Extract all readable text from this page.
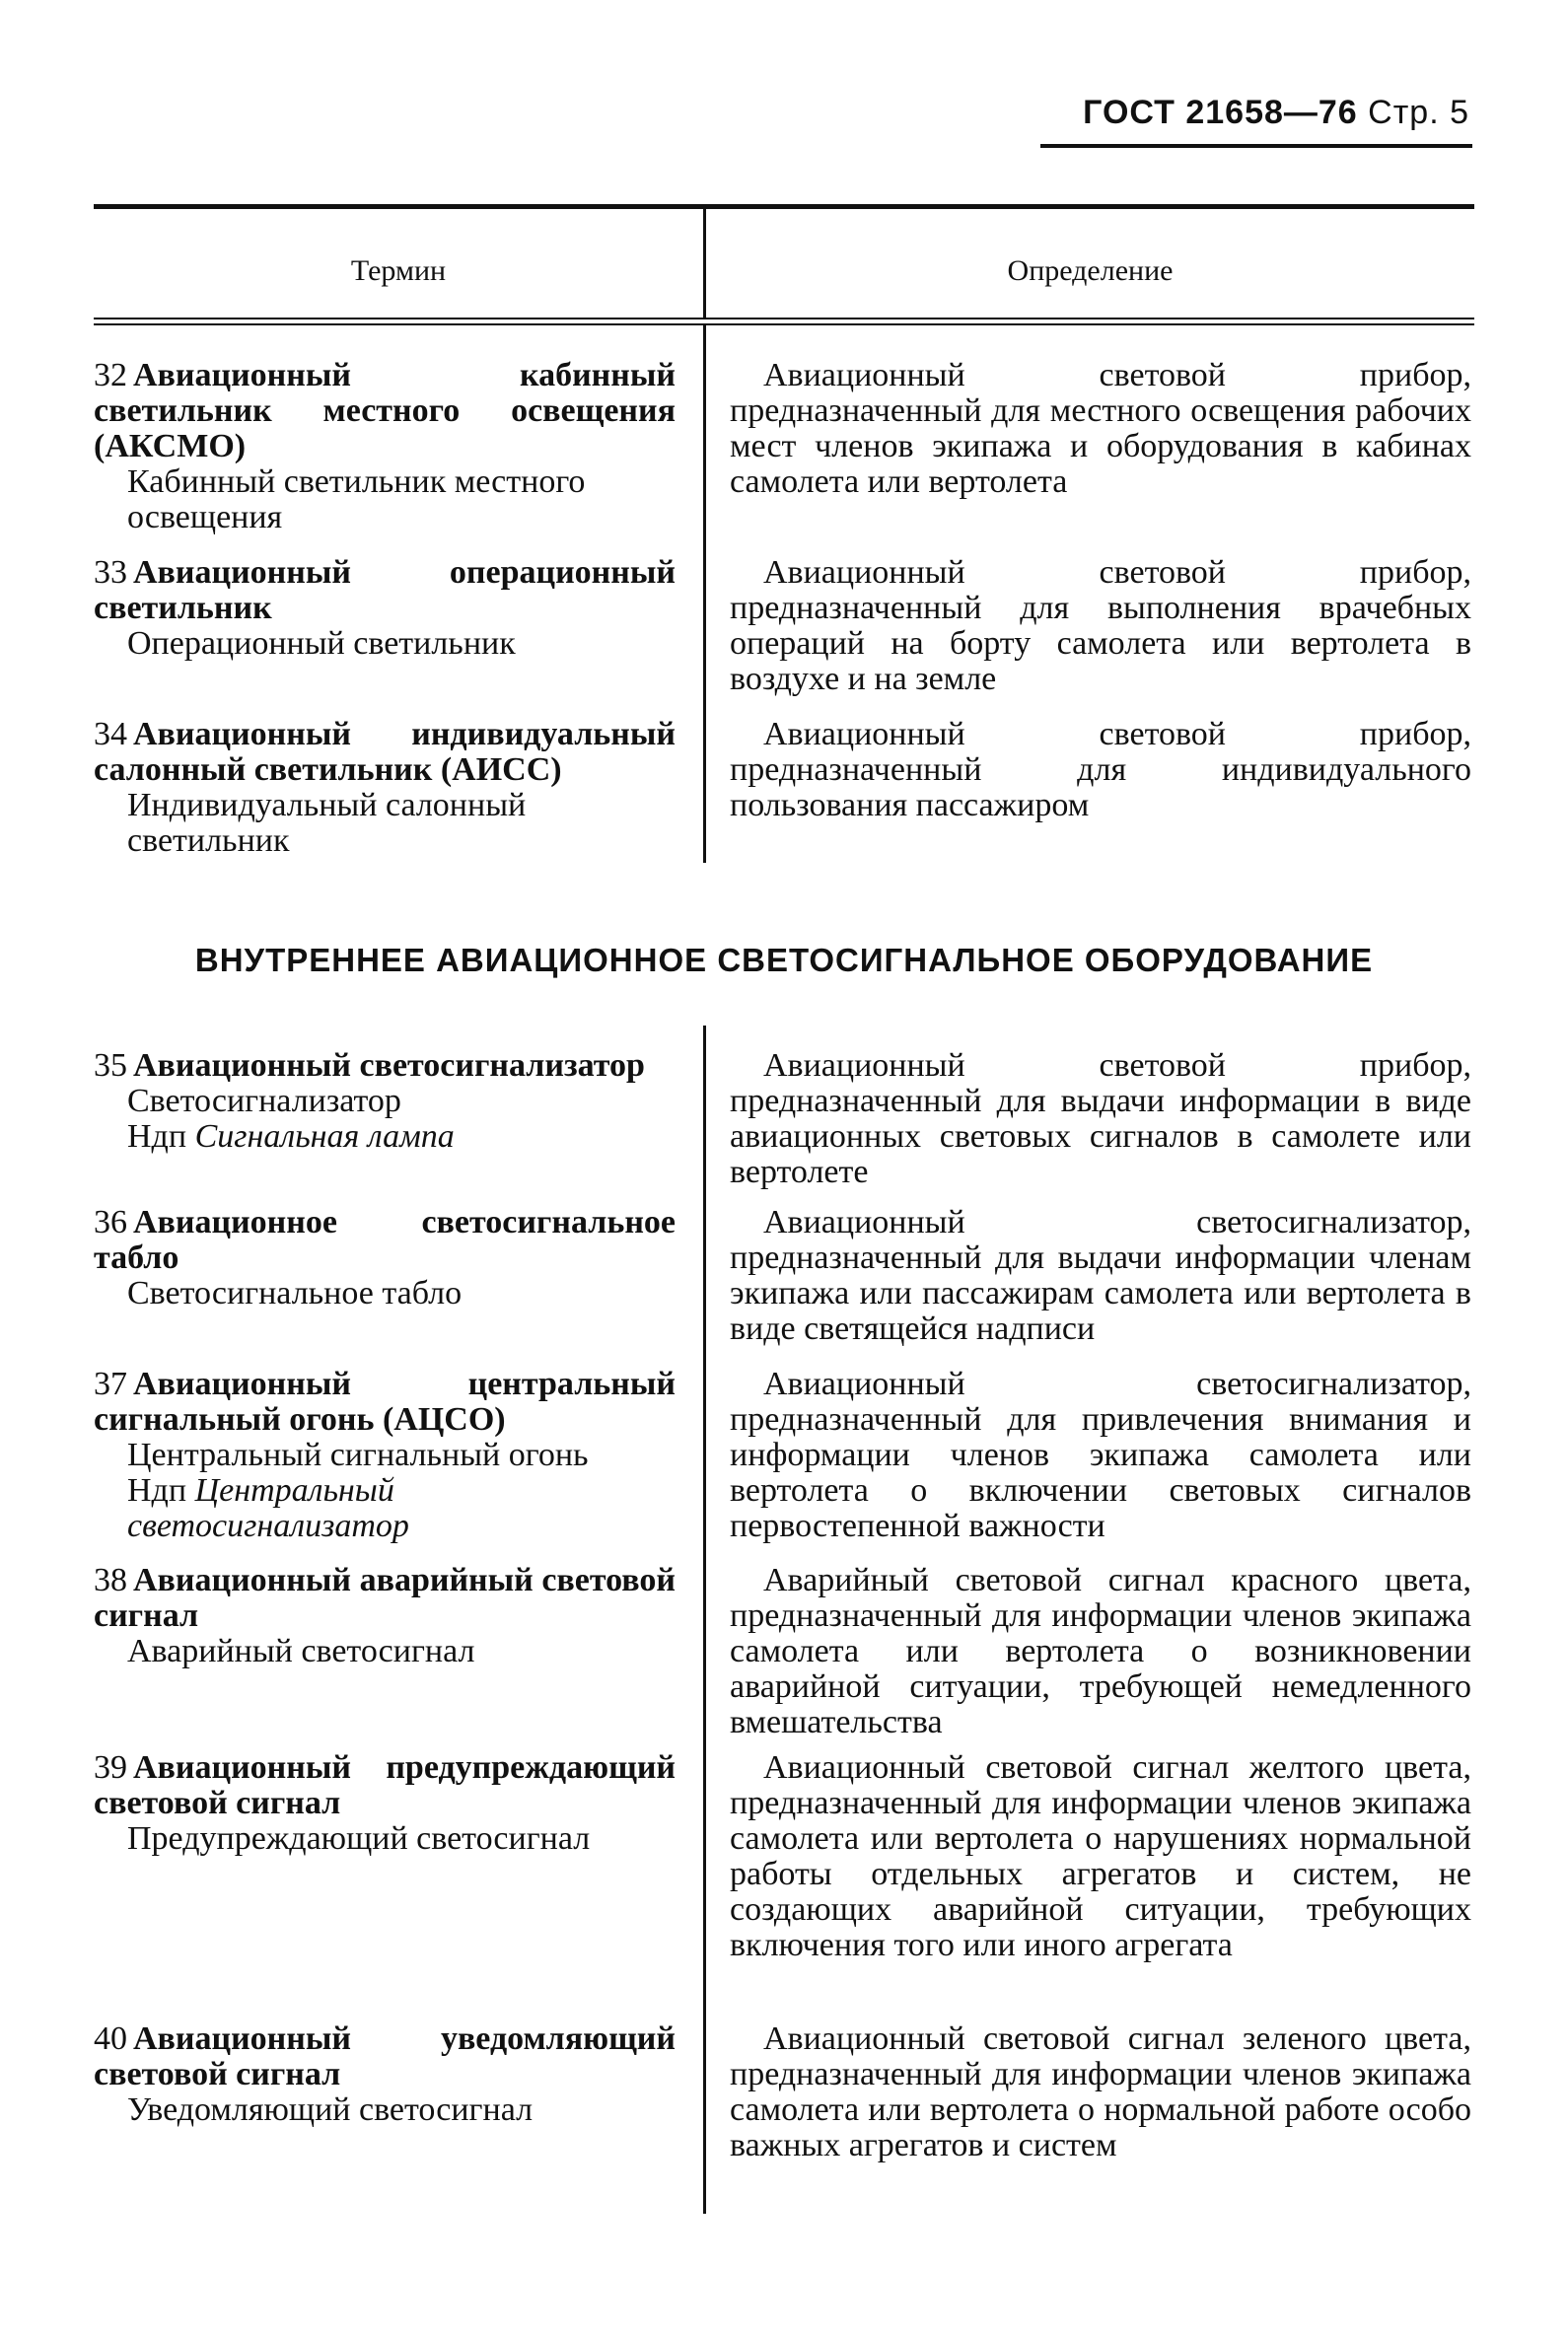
ГОСТ 21658—76 Стр. 5
Термин	Определение
ВНУТРЕННЕЕ АВИАЦИОННОЕ СВЕТОСИГНАЛЬНОЕ ОБОРУДОВАНИЕ
32 Авиационный кабинный светильник местного освещения (АКСМО)
Кабинный светильник местного освещения
Авиационный световой прибор, предназначенный для местного освещения рабочих мест членов экипажа и оборудования в кабинах самолета или вертолета
33 Авиационный операционный светильник
Операционный светильник
Авиационный световой прибор, предназначенный для выполнения врачебных операций на борту самолета или вертолета в воздухе и на земле
34 Авиационный индивидуальный салонный светильник (АИСС)
Индивидуальный салонный светильник
Авиационный световой прибор, предназначенный для индивидуального пользования пассажиром
35 Авиационный светосигнализатор
Светосигнализатор
Ндп Сигнальная лампа
Авиационный световой прибор, предназначенный для выдачи информации в виде авиационных световых сигналов в самолете или вертолете
36 Авиационное светосигнальное табло
Светосигнальное табло
Авиационный светосигнализатор, предназначенный для выдачи информации членам экипажа или пассажирам самолета или вертолета в виде светящейся надписи
37 Авиационный центральный сигнальный огонь (АЦСО)
Центральный сигнальный огонь
Ндп Центральный светосигнализатор
Авиационный светосигнализатор, предназначенный для привлечения внимания и информации членов экипажа самолета или вертолета о включении световых сигналов первостепенной важности
38 Авиационный аварийный световой сигнал
Аварийный светосигнал
Аварийный световой сигнал красного цвета, предназначенный для информации членов экипажа самолета или вертолета о возникновении аварийной ситуации, требующей немедленного вмешательства
39 Авиационный предупреждающий световой сигнал
Предупреждающий светосигнал
Авиационный световой сигнал желтого цвета, предназначенный для информации членов экипажа самолета или вертолета о нарушениях нормальной работы отдельных агрегатов и систем, не создающих аварийной ситуации, требующих включения того или иного агрегата
40 Авиационный уведомляющий световой сигнал
Уведомляющий светосигнал
Авиационный световой сигнал зеленого цвета, предназначенный для информации членов экипажа самолета или вертолета о нормальной работе особо важных агрегатов и систем
